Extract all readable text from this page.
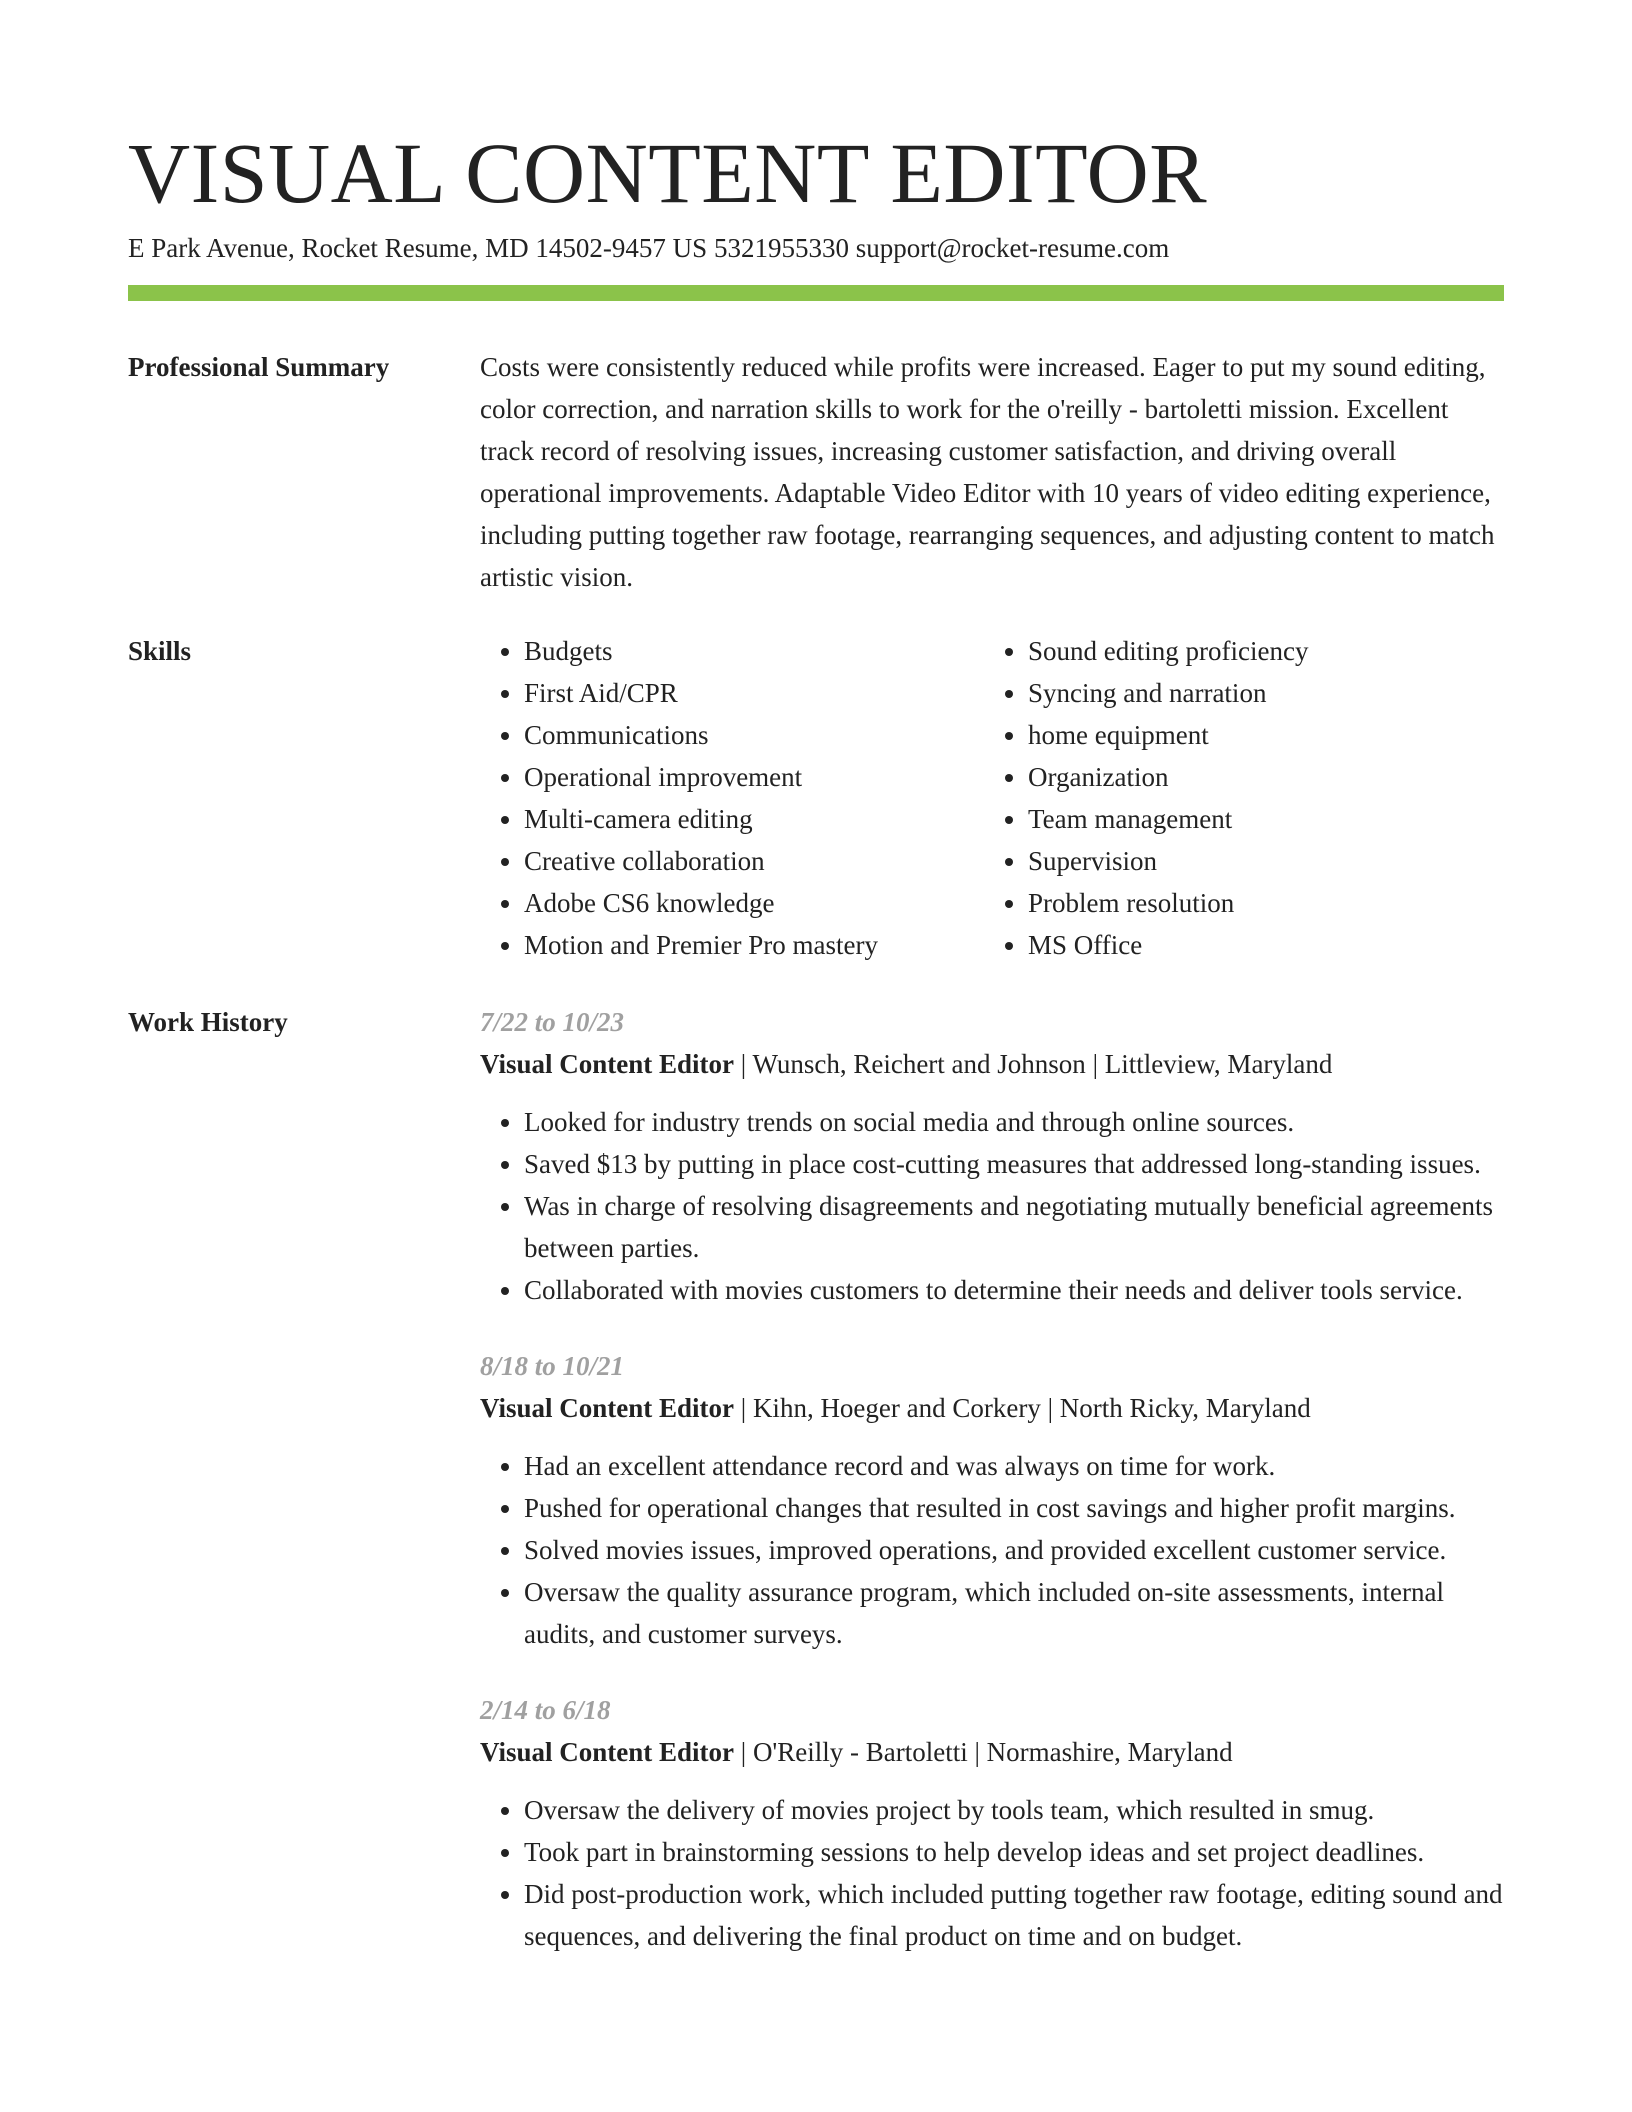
VISUAL CONTENT EDITOR
E Park Avenue, Rocket Resume, MD 14502-9457 US 5321955330 support@rocket-resume.com
Professional Summary	Costs were consistently reduced while profits were increased. Eager to put my sound editing, color correction, and narration skills to work for the o'reilly - bartoletti mission. Excellent track record of resolving issues, increasing customer satisfaction, and driving overall operational improvements. Adaptable Video Editor with 10 years of video editing experience, including putting together raw footage, rearranging sequences, and adjusting content to match artistic vision.

Skills
•	Budgets
• First Aid/CPR
• Communications
• Operational improvement
• Multi-camera editing
• Creative collaboration
• Adobe CS6 knowledge
• Motion and Premier Pro mastery
• Sound editing proficiency
• Syncing and narration
• home equipment
• Organization
• Team management
• Supervision
• Problem resolution
• MS Office
Work History	7/22 to 10/23
Visual Content Editor | Wunsch, Reichert and Johnson | Littleview, Maryland
• Looked for industry trends on social media and through online sources.
• Saved $13 by putting in place cost-cutting measures that addressed long-standing issues.
• Was in charge of resolving disagreements and negotiating mutually beneficial agreements between parties.
• Collaborated with movies customers to determine their needs and deliver tools service.
8/18 to 10/21
Visual Content Editor | Kihn, Hoeger and Corkery | North Ricky, Maryland
• Had an excellent attendance record and was always on time for work.
• Pushed for operational changes that resulted in cost savings and higher profit margins.
• Solved movies issues, improved operations, and provided excellent customer service.
• Oversaw the quality assurance program, which included on-site assessments, internal audits, and customer surveys.
2/14 to 6/18
Visual Content Editor | O'Reilly - Bartoletti | Normashire, Maryland
• Oversaw the delivery of movies project by tools team, which resulted in smug.
• Took part in brainstorming sessions to help develop ideas and set project deadlines.
• Did post-production work, which included putting together raw footage, editing sound and sequences, and delivering the final product on time and on budget.
